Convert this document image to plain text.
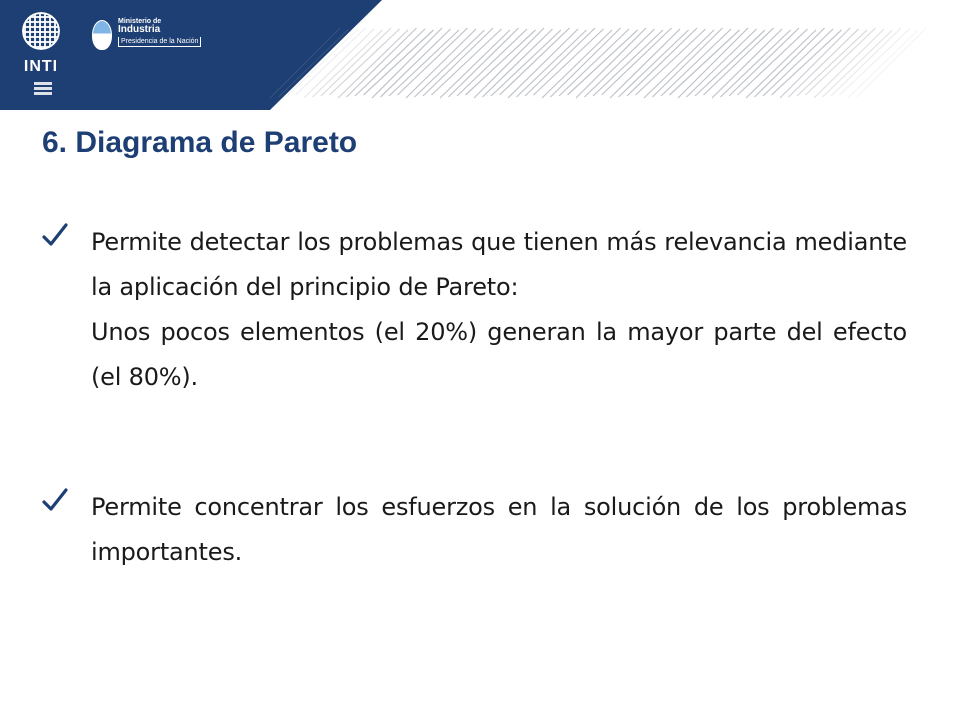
INTI
Ministerio de
Industria
Presidencia de la Nación
6. Diagrama de Pareto

Permite detectar los problemas que tienen más relevancia mediante la aplicación del principio de Pareto:

Unos pocos elementos (el 20%) generan la mayor parte del efecto (el 80%).

Permite concentrar los esfuerzos en la solución de los problemas importantes.
